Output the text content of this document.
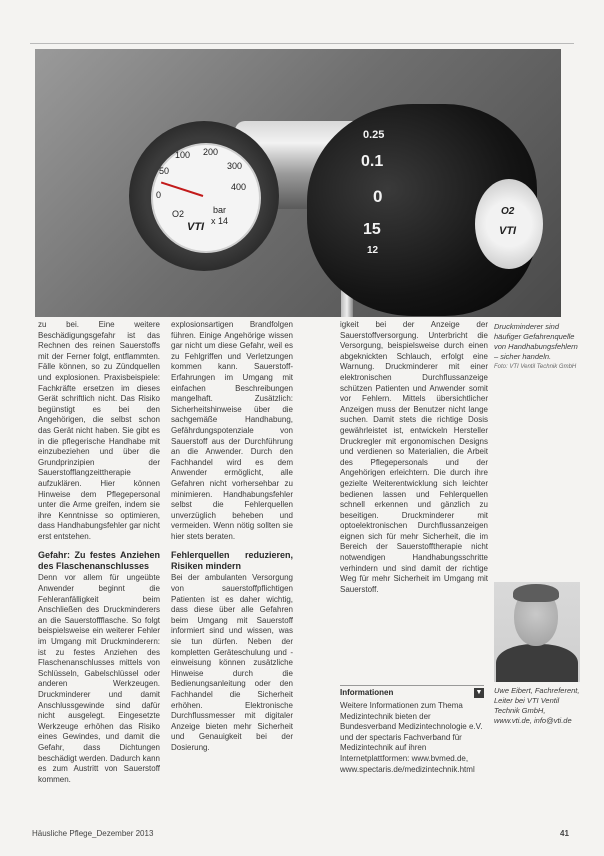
100 200
300
50
400
0
bar
x 14
O2
VTI
0.25
0.1
0
15
12
O2
VTI

zu bei. Eine weitere Beschädigungsgefahr ist das Rechnen des reinen Sauerstoffs mit der Ferner folgt, entflammten. Fälle können, so zu Zündquellen und explosionen. Praxisbeispiele: Fachkräfte ersetzen im dieses Gerät schriftlich nicht. Das Risiko begünstigt es bei den Angehörigen, die selbst schon das Gerät nicht haben. Sie gibt es in die pflegerische Handhabe mit einzubeziehen und über die Grundprinzipien der Sauerstofflangzeittherapie aufzuklären. Hier können Hinweise dem Pflegepersonal unter die Arme greifen, indem sie ihre Kenntnisse so optimieren, dass Handhabungsfehler gar nicht erst entstehen.

Gefahr: Zu festes Anziehen des Flaschenanschlusses

Denn vor allem für ungeübte Anwender beginnt die Fehleranfälligkeit beim Anschließen des Druckminderers an die Sauerstoffflasche. So folgt beispielsweise ein weiterer Fehler im Umgang mit Druckminderern: ist zu festes Anziehen des Flaschenanschlusses mittels von Schlüsseln, Gabelschlüssel oder anderen Werkzeugen. Druckminderer und damit Anschlussgewinde sind dafür nicht ausgelegt. Eingesetzte Werkzeuge erhöhen das Risiko eines Gewindes, und damit die Gefahr, dass Dichtungen beschädigt werden. Dadurch kann es zum Austritt von Sauerstoff kommen.

explosionsartigen Brandfolgen führen. Einige Angehörige wissen gar nicht um diese Gefahr, weil es zu Fehlgriffen und Verletzungen kommen kann. Sauerstoff-Erfahrungen im Umgang mit einfachen Beschreibungen mangelhaft. Zusätzlich: Sicherheitshinweise über die sachgemäße Handhabung, Gefährdungspotenziale von Sauerstoff aus der Durchführung an die Anwender. Durch den Fachhandel wird es dem Anwender ermöglicht, alle Gefahren nicht vorhersehbar zu minimieren. Handhabungsfehler selbst die Fehlerquellen unverzüglich beheben und vermeiden. Wenn nötig sollten sie hier stets beraten.

Fehlerquellen reduzieren, Risiken mindern

Bei der ambulanten Versorgung von sauerstoffpflichtigen Patienten ist es daher wichtig, dass diese über alle Gefahren beim Umgang mit Sauerstoff informiert sind und wissen, was sie tun dürfen. Neben der kompletten Geräteschulung und -einweisung können zusätzliche Hinweise durch die Bedienungsanleitung oder den Fachhandel die Sicherheit erhöhen. Elektronische Durchflussmesser mit digitaler Anzeige bieten mehr Sicherheit und Genauigkeit bei der Dosierung.

igkeit bei der Anzeige der Sauerstoffversorgung. Unterbricht die Versorgung, beispielsweise durch einen abgeknickten Schlauch, erfolgt eine Warnung. Druckminderer mit einer elektronischen Durchflussanzeige schützen Patienten und Anwender somit vor Fehlern. Mittels übersichtlicher Anzeigen muss der Benutzer nicht lange suchen. Damit stets die richtige Dosis gewährleistet ist, entwickeln Hersteller Druckregler mit ergonomischen Designs und verdienen so Materialien, die Arbeit des Pflegepersonals und der Angehörigen erleichtern. Die durch ihre gezielte Weiterentwicklung sich leichter bedienen lassen und Fehlerquellen schnell erkennen und gänzlich zu beseitigen. Druckminderer mit optoelektronischen Durchflussanzeigen eignen sich für mehr Sicherheit, die im Bereich der Sauerstofftherapie nicht notwendigen Handhabungsschritte verhindern und sind damit der richtige Weg für mehr Sicherheit im Umgang mit Sauerstoff.

Informationen	▼
Weitere Informationen zum Thema Medizintechnik bieten der Bundesverband Medizintechnologie e.V. und der spectaris Fachverband für Medizintechnik auf ihren Internetplattformen: www.bvmed.de, www.spectaris.de/medizintechnik.html
Druckminderer sind häufiger Gefahrenquelle von Handhabungsfehlern – sicher handeln.
Foto: VTI Ventil Technik GmbH
Uwe Eibert, Fachreferent, Leiter bei VTI Ventil Technik GmbH, www.vti.de, info@vti.de
Häusliche Pflege_Dezember 2013	41
